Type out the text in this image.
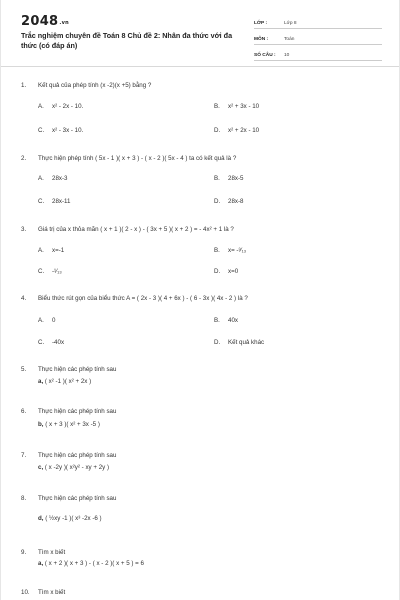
$2048^{.vn}$
Trắc nghiệm chuyên đề Toán 8 Chủ đề 2: Nhân đa thức với đa thức (có đáp án)
LỚP :	Lớp 8
MÔN :	Toán
SỐ CÂU :	10
1.	Kết quả của phép tính (x -2)(x +5) bằng ?
A. x² - 2x - 10.	B. x² + 3x - 10
C. x² - 3x - 10.	D. x² + 2x - 10
2.	Thực hiện phép tính ( 5x - 1 )( x + 3 ) - ( x - 2 )( 5x - 4 ) ta có kết quả là ?
A. 28x-3	B. 28x-5
C. 28x-11	D. 28x-8
3.	Giá trị của x thỏa mãn ( x + 1 )( 2 - x ) - ( 3x + 5 )( x + 2 ) = - 4x² + 1 là ?
A. x=-1	B. x= -³⁄₁₃
C. -¹⁄₁₃	D. x=0
4.	Biểu thức rút gọn của biểu thức A = ( 2x - 3 )( 4 + 6x ) - ( 6 - 3x )( 4x - 2 ) là ?
A. 0	B. 40x
C. -40x	D. Kết quả khác
5.	Thực hiện các phép tính sau
a, ( x² -1 )( x² + 2x )
6.	Thực hiện các phép tính sau
b, ( x + 3 )( x² + 3x -5 )
7.	Thực hiện các phép tính sau
c, ( x -2y )( x²y² - xy + 2y )
8.	Thực hiện các phép tính sau
d, ( ½xy -1 )( x³ -2x -6 )
9.	Tìm x biết
a, ( x + 2 )( x + 3 ) - ( x - 2 )( x + 5 ) = 6
10.	Tìm x biết
